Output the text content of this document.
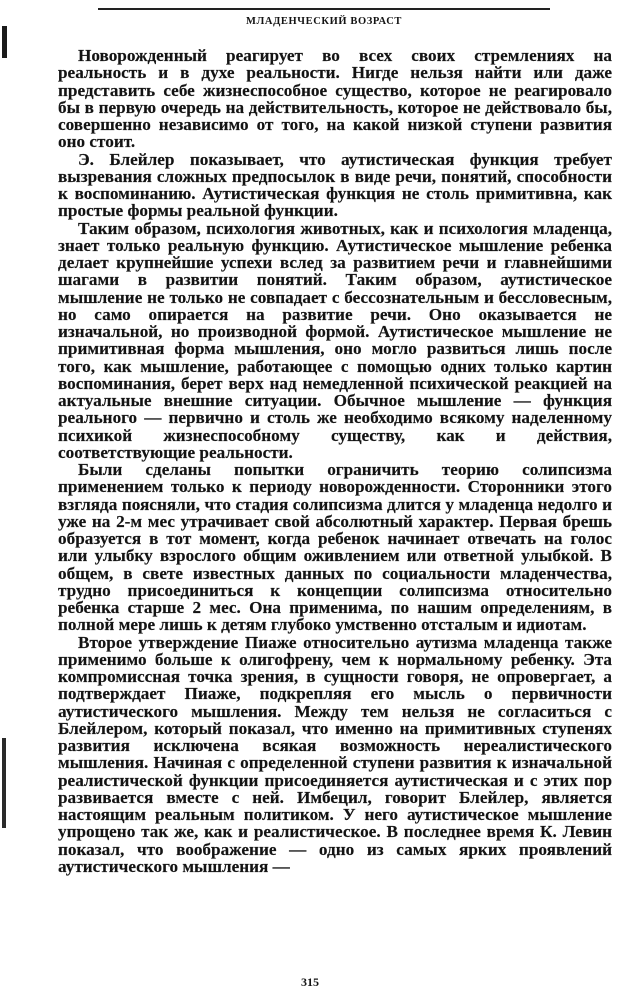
МЛАДЕНЧЕСКИЙ ВОЗРАСТ

Новорожденный реагирует во всех своих стремлениях на реальность и в духе реальности. Нигде нельзя найти или даже представить себе жизнеспособное существо, которое не реагировало бы в первую очередь на действительность, которое не действовало бы, совершенно независимо от того, на какой низкой ступени развития оно стоит.

Э. Блейлер показывает, что аутистическая функция требует вызревания сложных предпосылок в виде речи, понятий, способности к воспоминанию. Аутистическая функция не столь примитивна, как простые формы реальной функции.

Таким образом, психология животных, как и психология младенца, знает только реальную функцию. Аутистическое мышление ребенка делает крупнейшие успехи вслед за развитием речи и главнейшими шагами в развитии понятий. Таким образом, аутистическое мышление не только не совпадает с бессознательным и бессловесным, но само опирается на развитие речи. Оно оказывается не изначальной, но производной формой. Аутистическое мышление не примитивная форма мышления, оно могло развиться лишь после того, как мышление, работающее с помощью одних только картин воспоминания, берет верх над немедленной психической реакцией на актуальные внешние ситуации. Обычное мышление — функция реального — первично и столь же необходимо всякому наделенному психикой жизнеспособному существу, как и действия, соответствующие реальности.

Были сделаны попытки ограничить теорию солипсизма применением только к периоду новорожденности. Сторонники этого взгляда поясняли, что стадия солипсизма длится у младенца недолго и уже на 2-м мес утрачивает свой абсолютный характер. Первая брешь образуется в тот момент, когда ребенок начинает отвечать на голос или улыбку взрослого общим оживлением или ответной улыбкой. В общем, в свете известных данных по социальности младенчества, трудно присоединиться к концепции солипсизма относительно ребенка старше 2 мес. Она применима, по нашим определениям, в полной мере лишь к детям глубоко умственно отсталым и идиотам.

Второе утверждение Пиаже относительно аутизма младенца также применимо больше к олигофрену, чем к нормальному ребенку. Эта компромиссная точка зрения, в сущности говоря, не опровергает, а подтверждает Пиаже, подкрепляя его мысль о первичности аутистического мышления. Между тем нельзя не согласиться с Блейлером, который показал, что именно на примитивных ступенях развития исключена всякая возможность нереалистического мышления. Начиная с определенной ступени развития к изначальной реалистической функции присоединяется аутистическая и с этих пор развивается вместе с ней. Имбецил, говорит Блейлер, является настоящим реальным политиком. У него аутистическое мышление упрощено так же, как и реалистическое. В последнее время К. Левин показал, что воображение — одно из самых ярких проявлений аутистического мышления —

315
